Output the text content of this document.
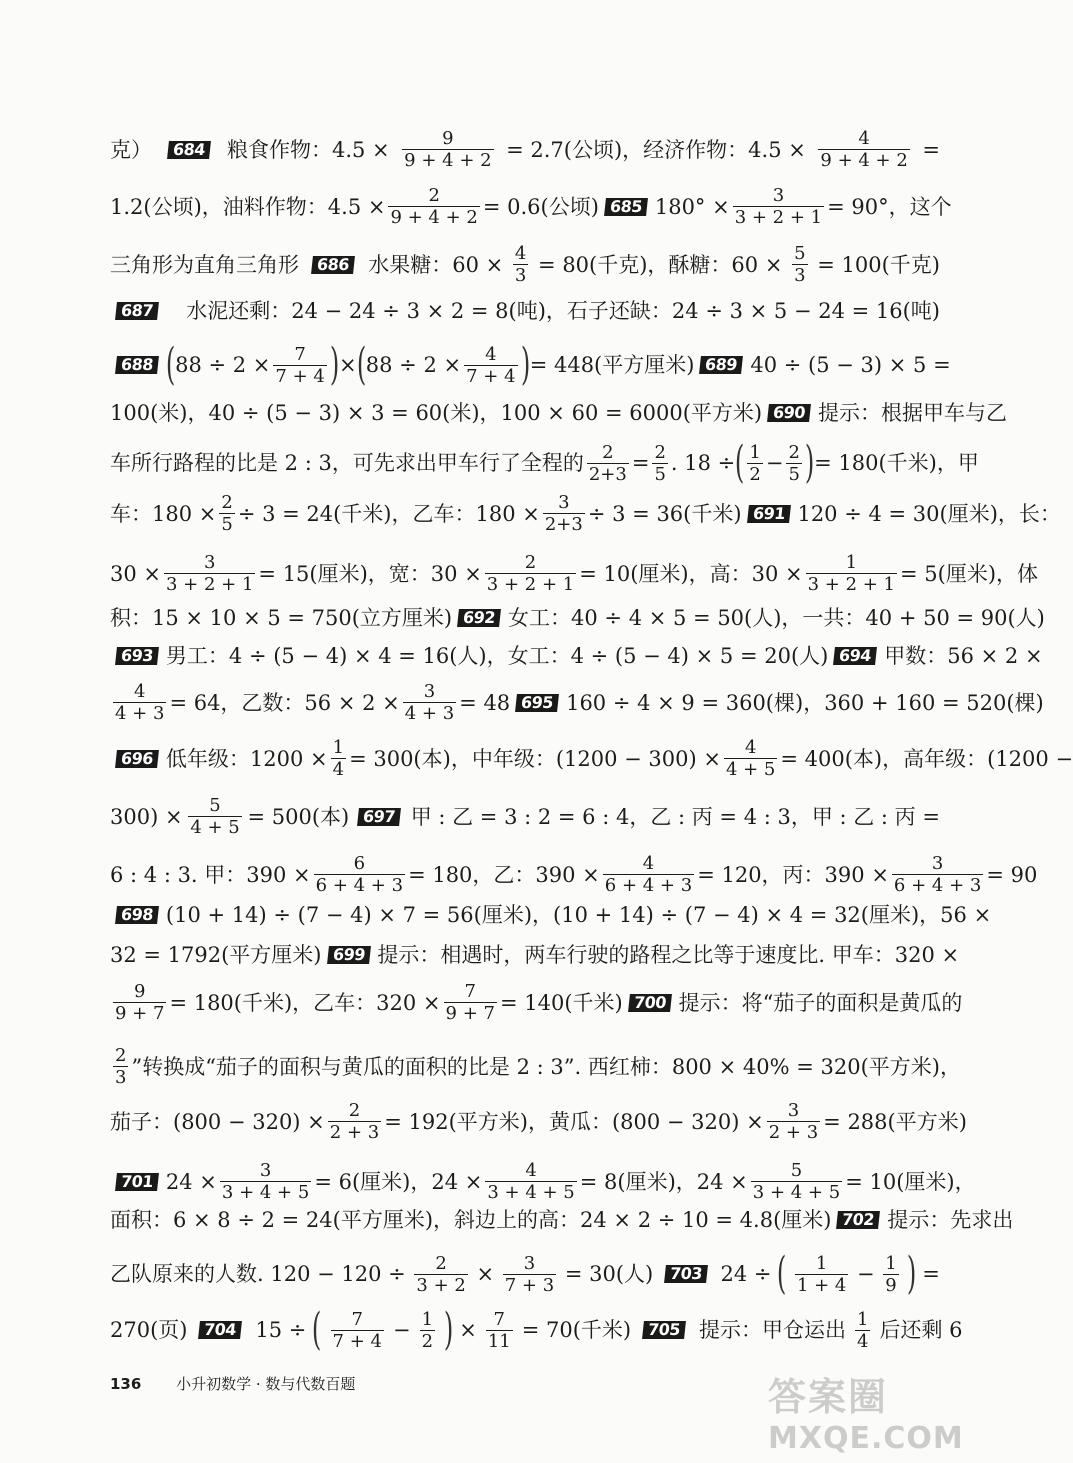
克）	684 粮食作物：$4.5 \times \frac{9}{9 + 4 + 2} = 2.7$(公顷)，经济作物：$4.5 \times \frac{4}{9 + 4 + 2}$ =
1.2(公顷)，油料作物：$4.5 \times \frac{2}{9 + 4 + 2} = 0.6$(公顷) 685 $180^\circ \times \frac{3}{3 + 2 + 1} = 90^\circ$，这个
三角形为直角三角形	686 水果糖：$60 \times \frac{4}{3} = 80$(千克)，酥糖：$60 \times \frac{5}{3} = 100$(千克)
687 水泥还剩：24 − 24 ÷ 3 × 2 = 8(吨)，石子还缺：24 ÷ 3 × 5 − 24 = 16(吨)
688 ( $88 \div 2 \times \frac{7}{7 + 4}$ ) × ( $88 \div 2 \times \frac{4}{7 + 4}$ ) = 448(平方厘米) 689 40 ÷ (5 − 3) × 5 =
100(米)，40 ÷ (5 − 3) × 3 = 60(米)，100 × 60 = 6000(平方米) 690 提示：根据甲车与乙
车所行路程的比是 2 : 3，可先求出甲车行了全程的 $\frac{2}{2+3} = \frac{2}{5}$ . 18 ÷ ( $\frac{1}{2} - \frac{2}{5}$ ) = 180(千米)，甲
车：$180 \times \frac{2}{5} \div 3 = 24$(千米)，乙车：$180 \times \frac{3}{2+3} \div 3 = 36$(千米) 691 120 ÷ 4 = 30(厘米)，长：
$30 \times \frac{3}{3 + 2 + 1} = 15$(厘米)，宽：$30 \times \frac{2}{3 + 2 + 1} = 10$(厘米)，高：$30 \times \frac{1}{3 + 2 + 1} = 5$(厘米)，体
积：15 × 10 × 5 = 750(立方厘米) 692 女工：40 ÷ 4 × 5 = 50(人)，一共：40 + 50 = 90(人)
693 男工：4 ÷ (5 − 4) × 4 = 16(人)，女工：4 ÷ (5 − 4) × 5 = 20(人) 694 甲数：56 × 2 ×
$\frac{4}{4 + 3} = 64$，乙数：$56 \times 2 \times \frac{3}{4 + 3} = 48$ 695 160 ÷ 4 × 9 = 360(棵)，360 + 160 = 520(棵)
696 低年级：$1200 \times \frac{1}{4} = 300$(本)，中年级：$(1200 - 300) \times \frac{4}{4 + 5} = 400$(本)，高年级：(1200 −
$300) \times \frac{5}{4 + 5} = 500$(本) 697 甲 : 乙 = 3 : 2 = 6 : 4，乙 : 丙 = 4 : 3，甲 : 乙 : 丙 =
6 : 4 : 3. 甲：$390 \times \frac{6}{6 + 4 + 3} = 180$，乙：$390 \times \frac{4}{6 + 4 + 3} = 120$，丙：$390 \times \frac{3}{6 + 4 + 3} = 90$
698 (10 + 14) ÷ (7 − 4) × 7 = 56(厘米)，(10 + 14) ÷ (7 − 4) × 4 = 32(厘米)，56 ×
32 = 1792(平方厘米) 699 提示：相遇时，两车行驶的路程之比等于速度比. 甲车：320 ×
$\frac{9}{9 + 7} = 180$(千米)，乙车：$320 \times \frac{7}{9 + 7} = 140$(千米) 700 提示：将“茄子的面积是黄瓜的
$\frac{2}{3}$ ”转换成“茄子的面积与黄瓜的面积的比是 2 : 3”. 西红柿：800 × 40% = 320(平方米)，
茄子：$(800 - 320) \times \frac{2}{2 + 3} = 192$(平方米)，黄瓜：$(800 - 320) \times \frac{3}{2 + 3} = 288$(平方米)
701 $24 \times \frac{3}{3 + 4 + 5} = 6$(厘米)，$24 \times \frac{4}{3 + 4 + 5} = 8$(厘米)，$24 \times \frac{5}{3 + 4 + 5} = 10$(厘米)，
面积：6 × 8 ÷ 2 = 24(平方厘米)，斜边上的高：24 × 2 ÷ 10 = 4.8(厘米) 702 提示：先求出
乙队原来的人数. $120 - 120 \div \frac{2}{3 + 2} \times \frac{3}{7 + 3} = 30$(人) 703 24 ÷ ( $\frac{1}{1 + 4} - \frac{1}{9}$ ) =
270(页)	704 15 ÷ ( $\frac{7}{7 + 4} - \frac{1}{2}$ ) × $\frac{7}{11} = 70$(千米)	705 提示：甲仓运出 $\frac{1}{4}$ 后还剩 6
136 小升初数学 · 数与代数百题	答案圈
MXQE.COM
